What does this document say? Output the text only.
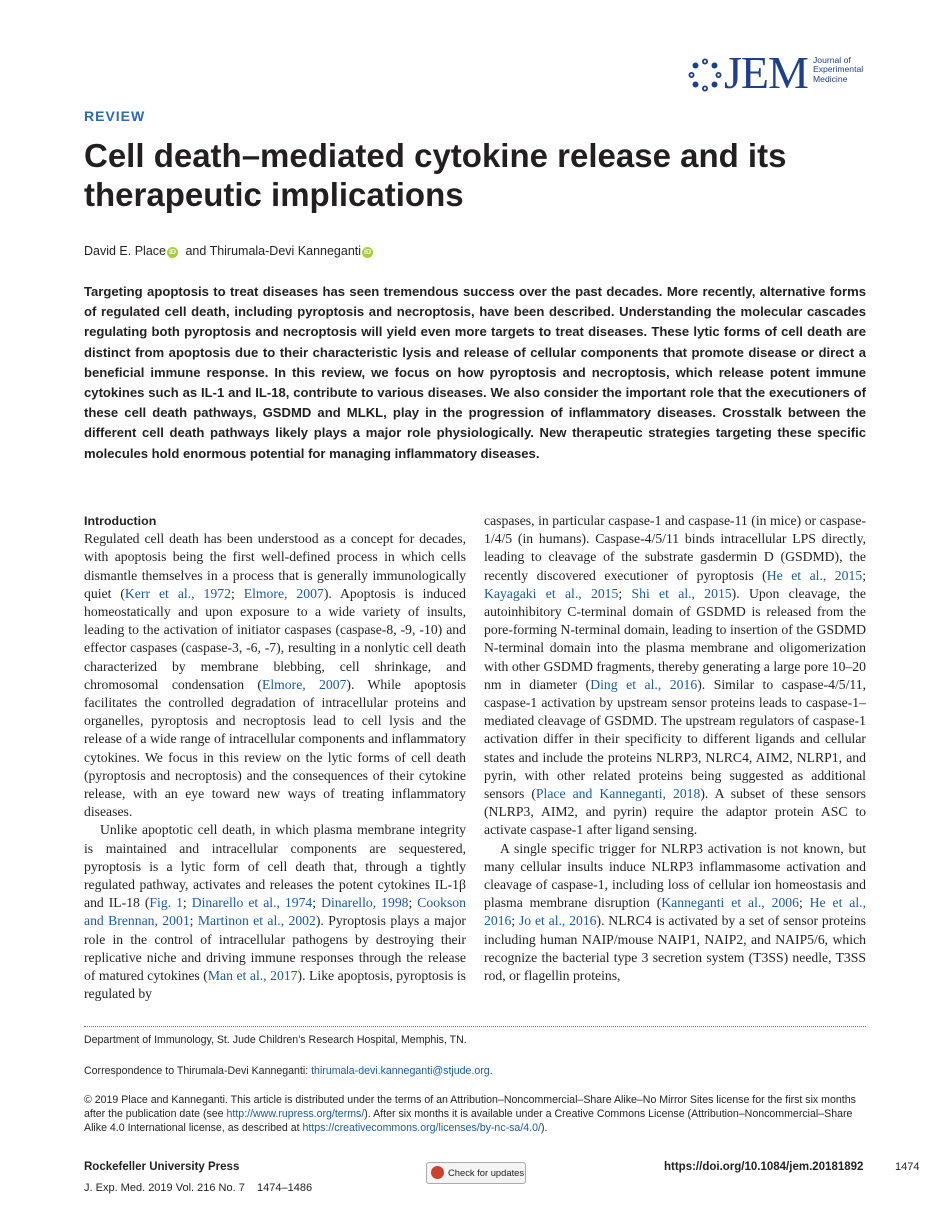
JEM Journal of
Experimental
Medicine
REVIEW
Cell death–mediated cytokine release and its therapeutic implications
David E. Place iD and Thirumala-Devi Kanneganti iD
Targeting apoptosis to treat diseases has seen tremendous success over the past decades. More recently, alternative forms of regulated cell death, including pyroptosis and necroptosis, have been described. Understanding the molecular cascades regulating both pyroptosis and necroptosis will yield even more targets to treat diseases. These lytic forms of cell death are distinct from apoptosis due to their characteristic lysis and release of cellular components that promote disease or direct a beneficial immune response. In this review, we focus on how pyroptosis and necroptosis, which release potent immune cytokines such as IL-1 and IL-18, contribute to various diseases. We also consider the important role that the executioners of these cell death pathways, GSDMD and MLKL, play in the progression of inflammatory diseases. Crosstalk between the different cell death pathways likely plays a major role physiologically. New therapeutic strategies targeting these specific molecules hold enormous potential for managing inflammatory diseases.
Introduction

Regulated cell death has been understood as a concept for decades, with apoptosis being the first well-defined process in which cells dismantle themselves in a process that is generally immunologically quiet (Kerr et al., 1972; Elmore, 2007). Apoptosis is induced homeostatically and upon exposure to a wide variety of insults, leading to the activation of initiator caspases (caspase-8, -9, -10) and effector caspases (caspase-3, -6, -7), resulting in a nonlytic cell death characterized by membrane blebbing, cell shrinkage, and chromosomal condensation (Elmore, 2007). While apoptosis facilitates the controlled degradation of intracellular proteins and organelles, pyroptosis and necroptosis lead to cell lysis and the release of a wide range of intracellular components and inflammatory cytokines. We focus in this review on the lytic forms of cell death (pyroptosis and necroptosis) and the consequences of their cytokine release, with an eye toward new ways of treating inflammatory diseases.

Unlike apoptotic cell death, in which plasma membrane integrity is maintained and intracellular components are sequestered, pyroptosis is a lytic form of cell death that, through a tightly regulated pathway, activates and releases the potent cytokines IL-1β and IL-18 (Fig. 1; Dinarello et al., 1974; Dinarello, 1998; Cookson and Brennan, 2001; Martinon et al., 2002). Pyroptosis plays a major role in the control of intracellular pathogens by destroying their replicative niche and driving immune responses through the release of matured cytokines (Man et al., 2017). Like apoptosis, pyroptosis is regulated by

caspases, in particular caspase-1 and caspase-11 (in mice) or caspase-1/4/5 (in humans). Caspase-4/5/11 binds intracellular LPS directly, leading to cleavage of the substrate gasdermin D (GSDMD), the recently discovered executioner of pyroptosis (He et al., 2015; Kayagaki et al., 2015; Shi et al., 2015). Upon cleavage, the autoinhibitory C-terminal domain of GSDMD is released from the pore-forming N-terminal domain, leading to insertion of the GSDMD N-terminal domain into the plasma membrane and oligomerization with other GSDMD fragments, thereby generating a large pore 10–20 nm in diameter (Ding et al., 2016). Similar to caspase-4/5/11, caspase-1 activation by upstream sensor proteins leads to caspase-1–mediated cleavage of GSDMD. The upstream regulators of caspase-1 activation differ in their specificity to different ligands and cellular states and include the proteins NLRP3, NLRC4, AIM2, NLRP1, and pyrin, with other related proteins being suggested as additional sensors (Place and Kanneganti, 2018). A subset of these sensors (NLRP3, AIM2, and pyrin) require the adaptor protein ASC to activate caspase-1 after ligand sensing.

A single specific trigger for NLRP3 activation is not known, but many cellular insults induce NLRP3 inflammasome activation and cleavage of caspase-1, including loss of cellular ion homeostasis and plasma membrane disruption (Kanneganti et al., 2006; He et al., 2016; Jo et al., 2016). NLRC4 is activated by a set of sensor proteins including human NAIP/mouse NAIP1, NAIP2, and NAIP5/6, which recognize the bacterial type 3 secretion system (T3SS) needle, T3SS rod, or flagellin proteins,

Department of Immunology, St. Jude Children’s Research Hospital, Memphis, TN.
Correspondence to Thirumala-Devi Kanneganti: thirumala-devi.kanneganti@stjude.org.
© 2019 Place and Kanneganti. This article is distributed under the terms of an Attribution–Noncommercial–Share Alike–No Mirror Sites license for the first six months after the publication date (see http://www.rupress.org/terms/). After six months it is available under a Creative Commons License (Attribution–Noncommercial–Share Alike 4.0 International license, as described at https://creativecommons.org/licenses/by-nc-sa/4.0/).
Rockefeller University Press
J. Exp. Med. 2019 Vol. 216 No. 7    1474–1486
Check for updates	https://doi.org/10.1084/jem.20181892	1474
